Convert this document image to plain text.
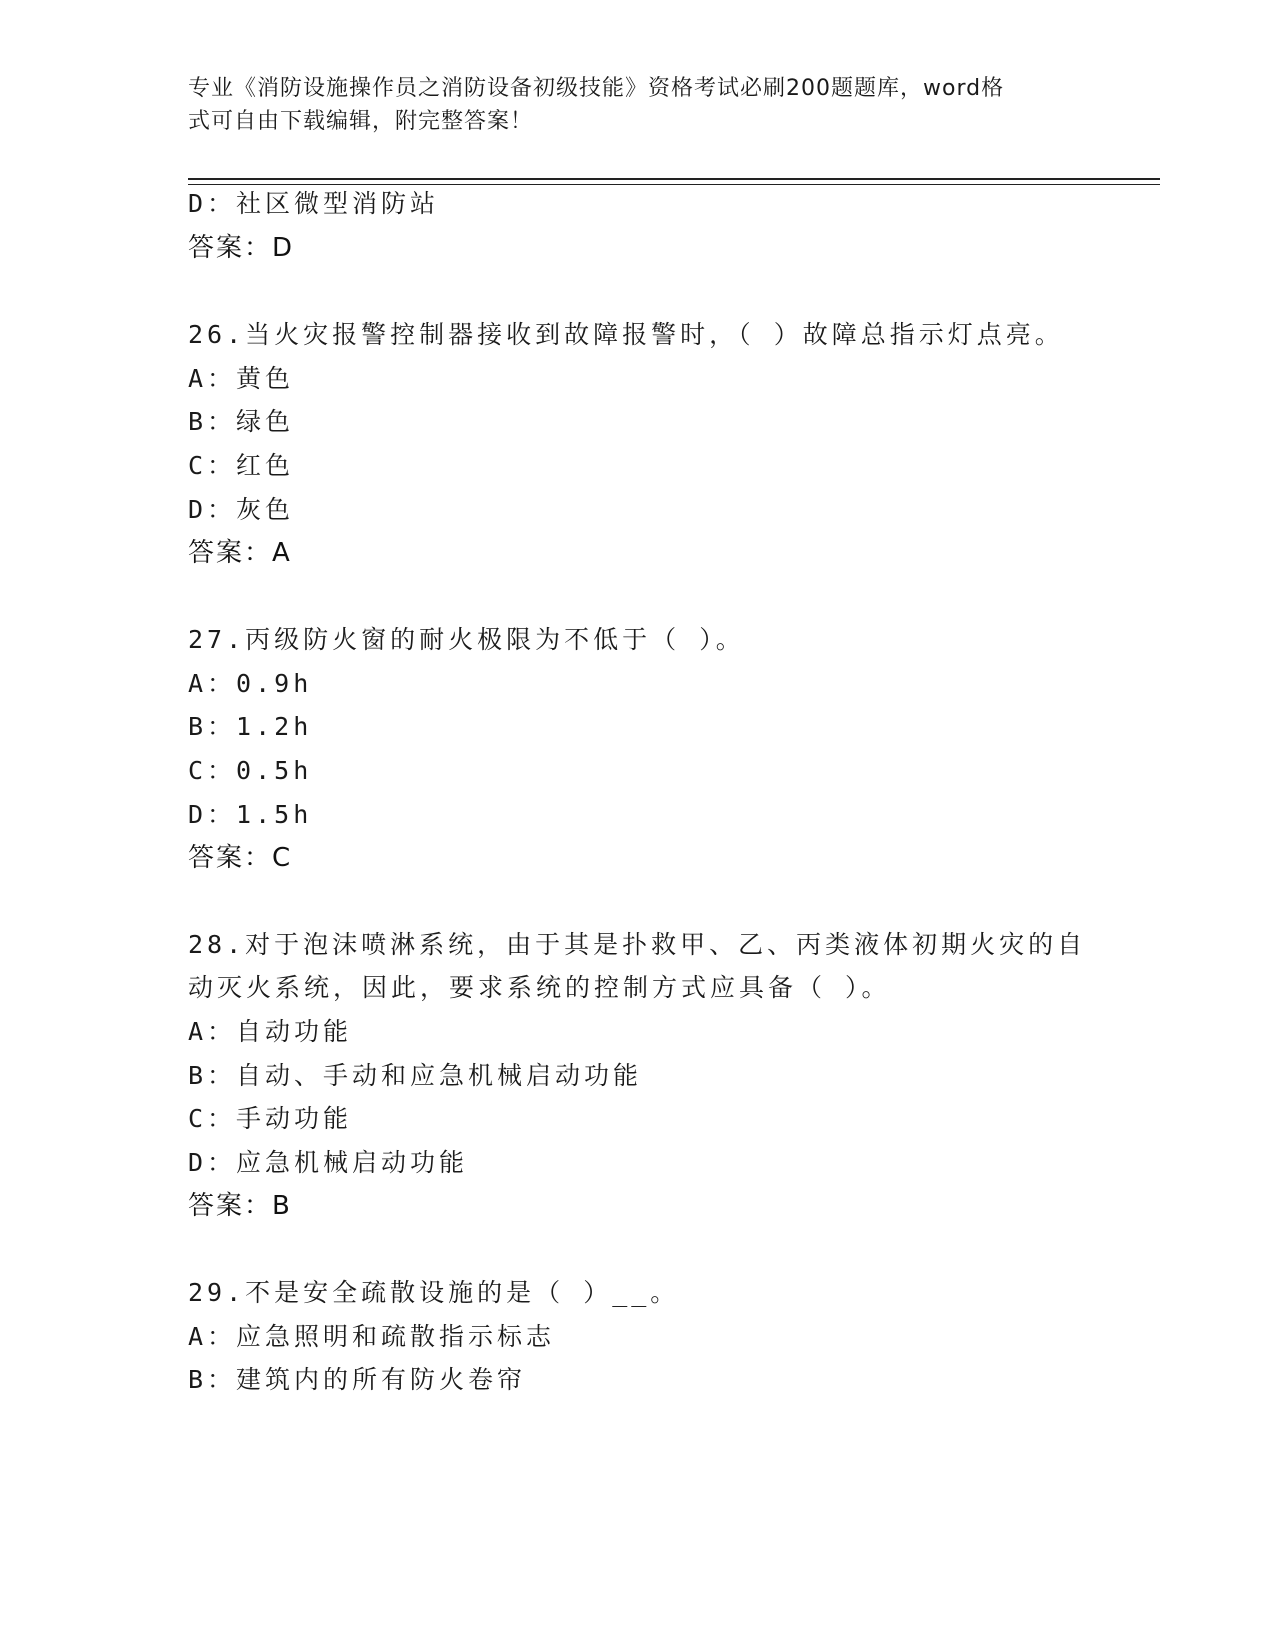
专业《消防设施操作员之消防设备初级技能》资格考试必刷200题题库，word格
式可自由下载编辑，附完整答案！
D：社区微型消防站
答案：D
26.当火灾报警控制器接收到故障报警时，（ ）故障总指示灯点亮。
A：黄色
B：绿色
C：红色
D：灰色
答案：A
27.丙级防火窗的耐火极限为不低于（ ）。
A：0.9h
B：1.2h
C：0.5h
D：1.5h
答案：C
28.对于泡沫喷淋系统，由于其是扑救甲、乙、丙类液体初期火灾的自
动灭火系统，因此，要求系统的控制方式应具备（ ）。
A：自动功能
B：自动、手动和应急机械启动功能
C：手动功能
D：应急机械启动功能
答案：B
29.不是安全疏散设施的是（ ）__。
A：应急照明和疏散指示标志
B：建筑内的所有防火卷帘
